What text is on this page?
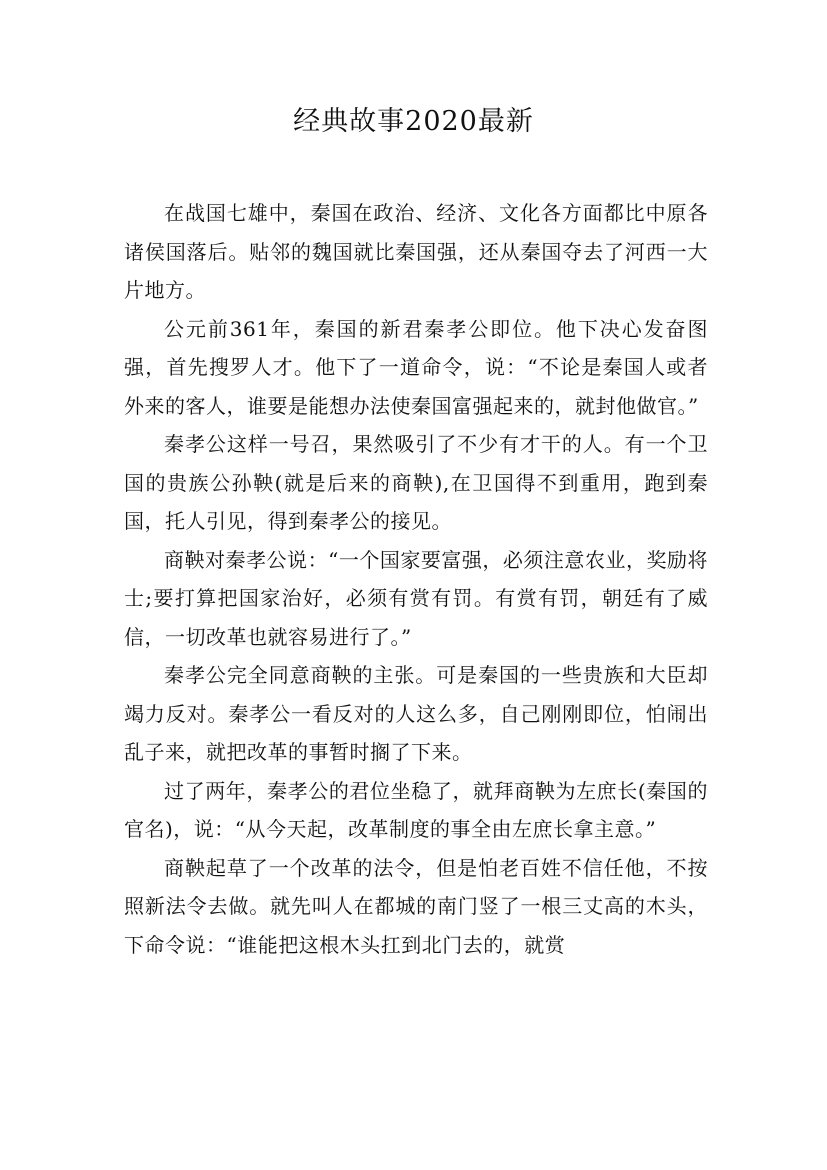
经典故事2020最新

在战国七雄中，秦国在政治、经济、文化各方面都比中原各诸侯国落后。贴邻的魏国就比秦国强，还从秦国夺去了河西一大片地方。

公元前361年，秦国的新君秦孝公即位。他下决心发奋图强，首先搜罗人才。他下了一道命令，说：“不论是秦国人或者外来的客人，谁要是能想办法使秦国富强起来的，就封他做官。”

秦孝公这样一号召，果然吸引了不少有才干的人。有一个卫国的贵族公孙鞅(就是后来的商鞅),在卫国得不到重用，跑到秦国，托人引见，得到秦孝公的接见。

商鞅对秦孝公说：“一个国家要富强，必须注意农业，奖励将士;要打算把国家治好，必须有赏有罚。有赏有罚，朝廷有了威信，一切改革也就容易进行了。”

秦孝公完全同意商鞅的主张。可是秦国的一些贵族和大臣却竭力反对。秦孝公一看反对的人这么多，自己刚刚即位，怕闹出乱子来，就把改革的事暂时搁了下来。

过了两年，秦孝公的君位坐稳了，就拜商鞅为左庶长(秦国的官名)，说：“从今天起，改革制度的事全由左庶长拿主意。”

商鞅起草了一个改革的法令，但是怕老百姓不信任他，不按照新法令去做。就先叫人在都城的南门竖了一根三丈高的木头，下命令说：“谁能把这根木头扛到北门去的，就赏
